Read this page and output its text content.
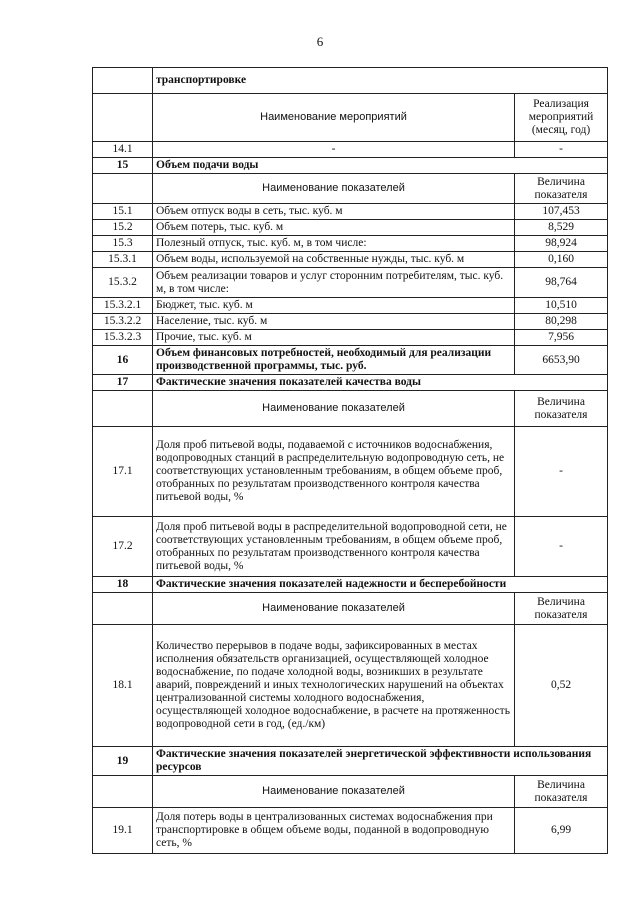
6
	транспортировке	
	Наименование мероприятий	Реализация мероприятий (месяц, год)
14.1	-	-
15	Объем подачи воды	
	Наименование показателей	Величина показателя
15.1	Объем отпуск воды в сеть, тыс. куб. м	107,453
15.2	Объем потерь, тыс. куб. м	8,529
15.3	Полезный отпуск, тыс. куб. м, в том числе:	98,924
15.3.1	Объем воды, используемой на собственные нужды, тыс. куб. м	0,160
15.3.2	Объем реализации товаров и услуг сторонним потребителям, тыс. куб. м, в том числе:	98,764
15.3.2.1	Бюджет, тыс. куб. м	10,510
15.3.2.2	Население, тыс. куб. м	80,298
15.3.2.3	Прочие, тыс. куб. м	7,956
16	Объем финансовых потребностей, необходимый для реализации производственной программы, тыс. руб.	6653,90
17	Фактические значения показателей качества воды	
	Наименование показателей	Величина показателя
17.1	Доля проб питьевой воды, подаваемой с источников водоснабжения, водопроводных станций в распределительную водопроводную сеть, не соответствующих установленным требованиям, в общем объеме проб, отобранных по результатам производственного контроля качества питьевой воды, %	-
17.2	Доля проб питьевой воды в распределительной водопроводной сети, не соответствующих установленным требованиям, в общем объеме проб, отобранных по результатам производственного контроля качества питьевой воды, %	-
18	Фактические значения показателей надежности и бесперебойности	
	Наименование показателей	Величина показателя
18.1	Количество перерывов в подаче воды, зафиксированных в местах исполнения обязательств организацией, осуществляющей холодное водоснабжение, по подаче холодной воды, возникших в результате аварий, повреждений и иных технологических нарушений на объектах централизованной системы холодного водоснабжения, осуществляющей холодное водоснабжение, в расчете на протяженность водопроводной сети в год, (ед./км)	0,52
19	Фактические значения показателей энергетической эффективности использования ресурсов	
	Наименование показателей	Величина показателя
19.1	Доля потерь воды в централизованных системах водоснабжения при транспортировке в общем объеме воды, поданной в водопроводную сеть, %	6,99
